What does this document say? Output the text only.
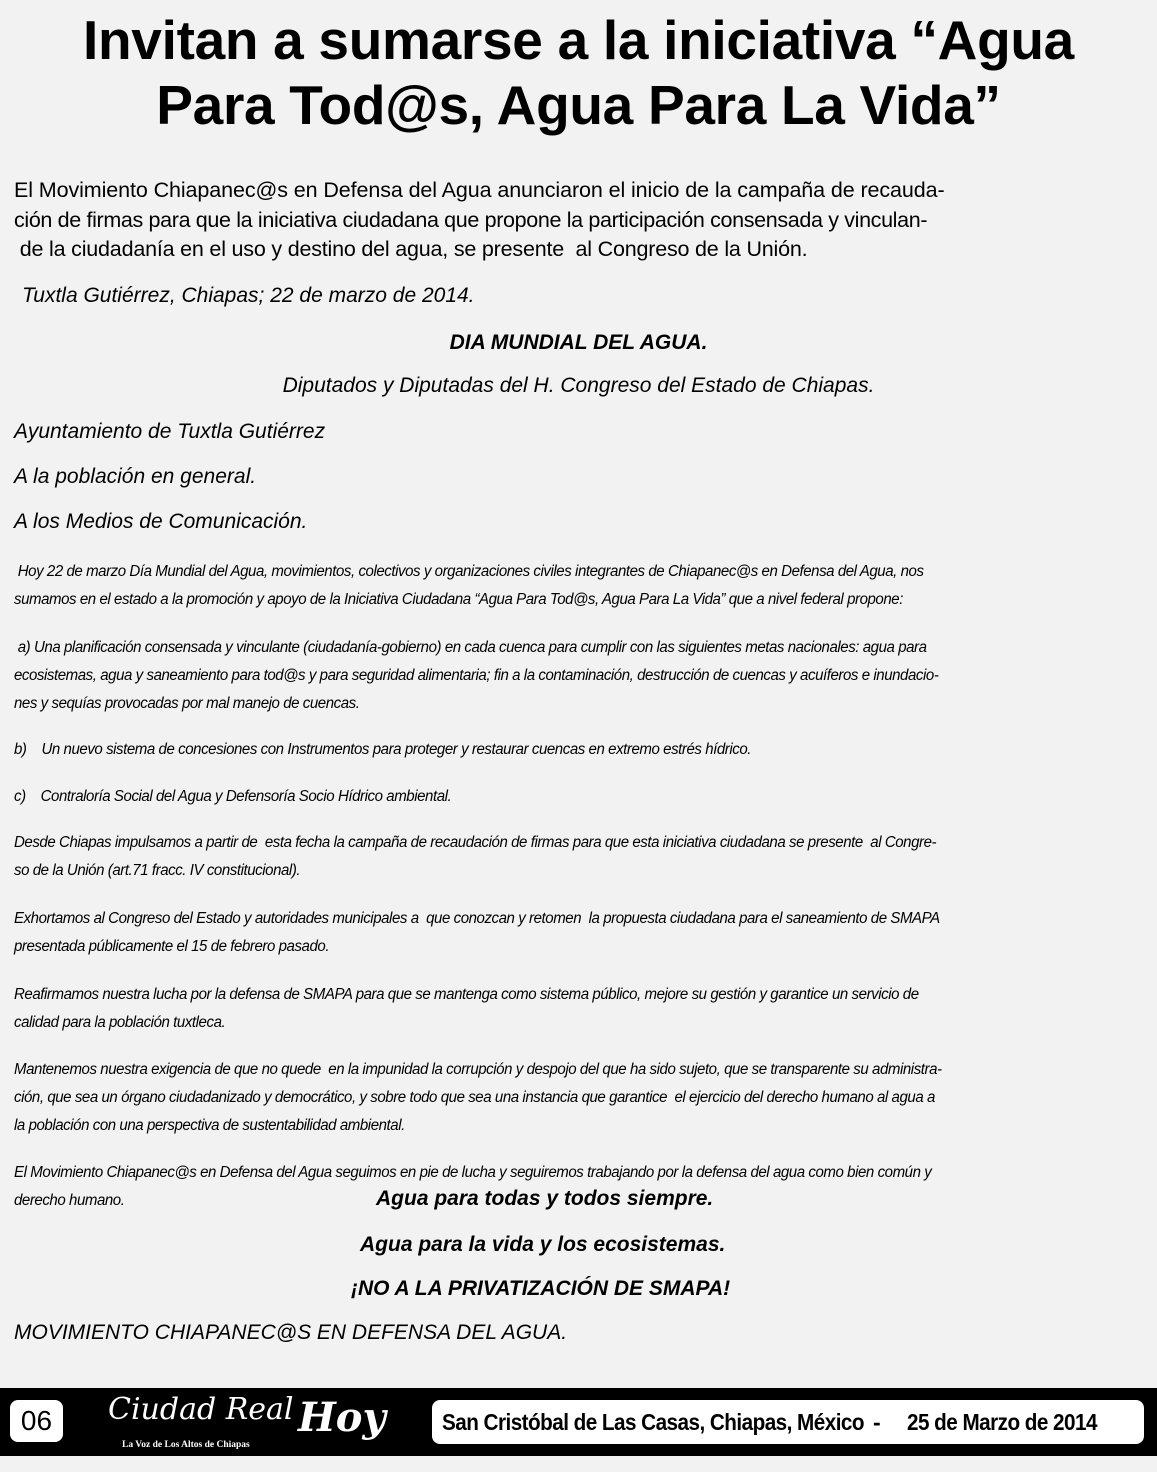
Invitan a sumarse a la iniciativa “Agua
Para Tod@s, Agua Para La Vida”
El Movimiento Chiapanec@s en Defensa del Agua anunciaron el inicio de la campaña de recauda-
ción de firmas para que la iniciativa ciudadana que propone la participación consensada y vinculan-
de la ciudadanía en el uso y destino del agua, se presente  al Congreso de la Unión.
Tuxtla Gutiérrez, Chiapas; 22 de marzo de 2014.
DIA MUNDIAL DEL AGUA.
Diputados y Diputadas del H. Congreso del Estado de Chiapas.
Ayuntamiento de Tuxtla Gutiérrez
A la población en general.
A los Medios de Comunicación.
Hoy 22 de marzo Día Mundial del Agua, movimientos, colectivos y organizaciones civiles integrantes de Chiapanec@s en Defensa del Agua, nos
sumamos en el estado a la promoción y apoyo de la Iniciativa Ciudadana “Agua Para Tod@s, Agua Para La Vida” que a nivel federal propone:
a) Una planificación consensada y vinculante (ciudadanía-gobierno) en cada cuenca para cumplir con las siguientes metas nacionales: agua para
ecosistemas, agua y saneamiento para tod@s y para seguridad alimentaria; fin a la contaminación, destrucción de cuencas y acuíferos e inundacio-
nes y sequías provocadas por mal manejo de cuencas.
b)    Un nuevo sistema de concesiones con Instrumentos para proteger y restaurar cuencas en extremo estrés hídrico.
c)    Contraloría Social del Agua y Defensoría Socio Hídrico ambiental.
Desde Chiapas impulsamos a partir de  esta fecha la campaña de recaudación de firmas para que esta iniciativa ciudadana se presente  al Congre-
so de la Unión (art.71 fracc. IV constitucional).
Exhortamos al Congreso del Estado y autoridades municipales a  que conozcan y retomen  la propuesta ciudadana para el saneamiento de SMAPA
presentada públicamente el 15 de febrero pasado.
Reafirmamos nuestra lucha por la defensa de SMAPA para que se mantenga como sistema público, mejore su gestión y garantice un servicio de
calidad para la población tuxtleca.
Mantenemos nuestra exigencia de que no quede  en la impunidad la corrupción y despojo del que ha sido sujeto, que se transparente su administra-
ción, que sea un órgano ciudadanizado y democrático, y sobre todo que sea una instancia que garantice  el ejercicio del derecho humano al agua a
la población con una perspectiva de sustentabilidad ambiental.
El Movimiento Chiapanec@s en Defensa del Agua seguimos en pie de lucha y seguiremos trabajando por la defensa del agua como bien común y
derecho humano.	Agua para todas y todos siempre.
Agua para la vida y los ecosistemas.
¡NO A LA PRIVATIZACIÓN DE SMAPA!
MOVIMIENTO CHIAPANEC@S EN DEFENSA DEL AGUA.
06	Ciudad Real Hoy
La Voz de Los Altos de Chiapas
San Cristóbal de Las Casas, Chiapas, México - 25 de Marzo de 2014
